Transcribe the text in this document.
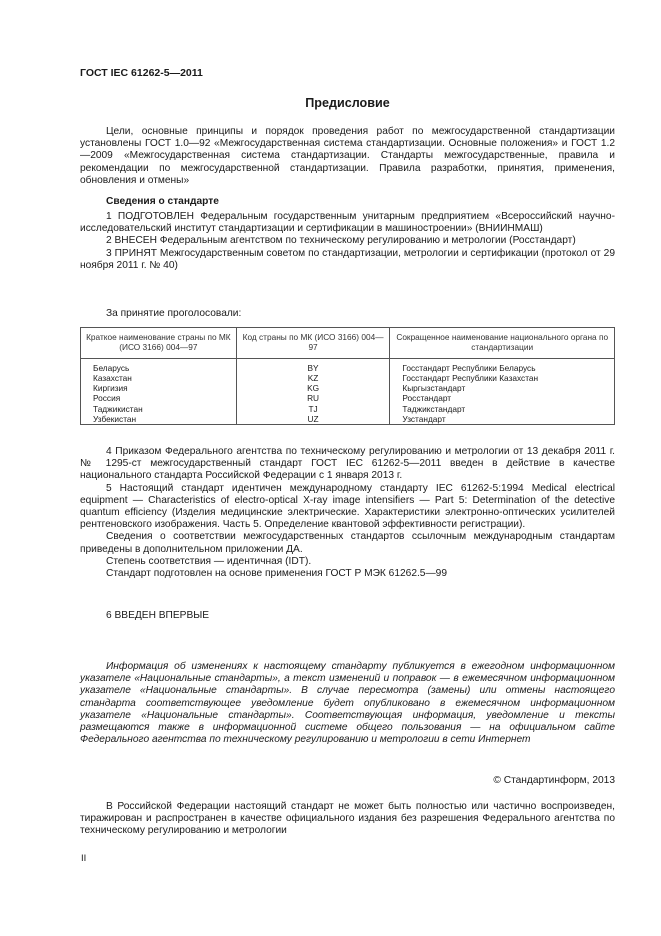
ГОСТ IEC 61262-5—2011
Предисловие

Цели, основные принципы и порядок проведения работ по межгосударственной стандартизации установлены ГОСТ 1.0—92 «Межгосударственная система стандартизации. Основные положения» и ГОСТ 1.2—2009 «Межгосударственная система стандартизации. Стандарты межгосударственные, правила и рекомендации по межгосударственной стандартизации. Правила разработки, принятия, применения, обновления и отмены»

Сведения о стандарте

1 ПОДГОТОВЛЕН Федеральным государственным унитарным предприятием «Всероссийский научно-исследовательский институт стандартизации и сертификации в машиностроении» (ВНИИНМАШ)

2 ВНЕСЕН Федеральным агентством по техническому регулированию и метрологии (Росстандарт)

3 ПРИНЯТ Межгосударственным советом по стандартизации, метрологии и сертификации (протокол от 29 ноября 2011 г. № 40)

За принятие проголосовали:

Краткое наименование страны по МК (ИСО 3166) 004—97	Код страны по МК (ИСО 3166) 004—97	Сокращенное наименование национального органа по стандартизации
Беларусь	BY	Госстандарт Республики Беларусь
Казахстан	KZ	Госстандарт Республики Казахстан
Киргизия	KG	Кыргызстандарт
Россия	RU	Росстандарт
Таджикистан	TJ	Таджикстандарт
Узбекистан	UZ	Узстандарт

4 Приказом Федерального агентства по техническому регулированию и метрологии от 13 декабря 2011 г. № 1295-ст межгосударственный стандарт ГОСТ IEC 61262-5—2011 введен в действие в качестве национального стандарта Российской Федерации с 1 января 2013 г.

5 Настоящий стандарт идентичен международному стандарту IEC 61262-5:1994 Medical electrical equipment — Characteristics of electro-optical X-ray image intensifiers — Part 5: Determination of the detective quantum efficiency (Изделия медицинские электрические. Характеристики электронно-оптических усилителей рентгеновского изображения. Часть 5. Определение квантовой эффективности регистрации).

Сведения о соответствии межгосударственных стандартов ссылочным международным стандартам приведены в дополнительном приложении ДА.

Степень соответствия — идентичная (IDT).

Стандарт подготовлен на основе применения ГОСТ Р МЭК 61262.5—99

6 ВВЕДЕН ВПЕРВЫЕ

Информация об изменениях к настоящему стандарту публикуется в ежегодном информационном указателе «Национальные стандарты», а текст изменений и поправок — в ежемесячном информационном указателе «Национальные стандарты». В случае пересмотра (замены) или отмены настоящего стандарта соответствующее уведомление будет опубликовано в ежемесячном информационном указателе «Национальные стандарты». Соответствующая информация, уведомление и тексты размещаются также в информационной системе общего пользования — на официальном сайте Федерального агентства по техническому регулированию и метрологии в сети Интернет

© Стандартинформ, 2013

В Российской Федерации настоящий стандарт не может быть полностью или частично воспроизведен, тиражирован и распространен в качестве официального издания без разрешения Федерального агентства по техническому регулированию и метрологии

II
